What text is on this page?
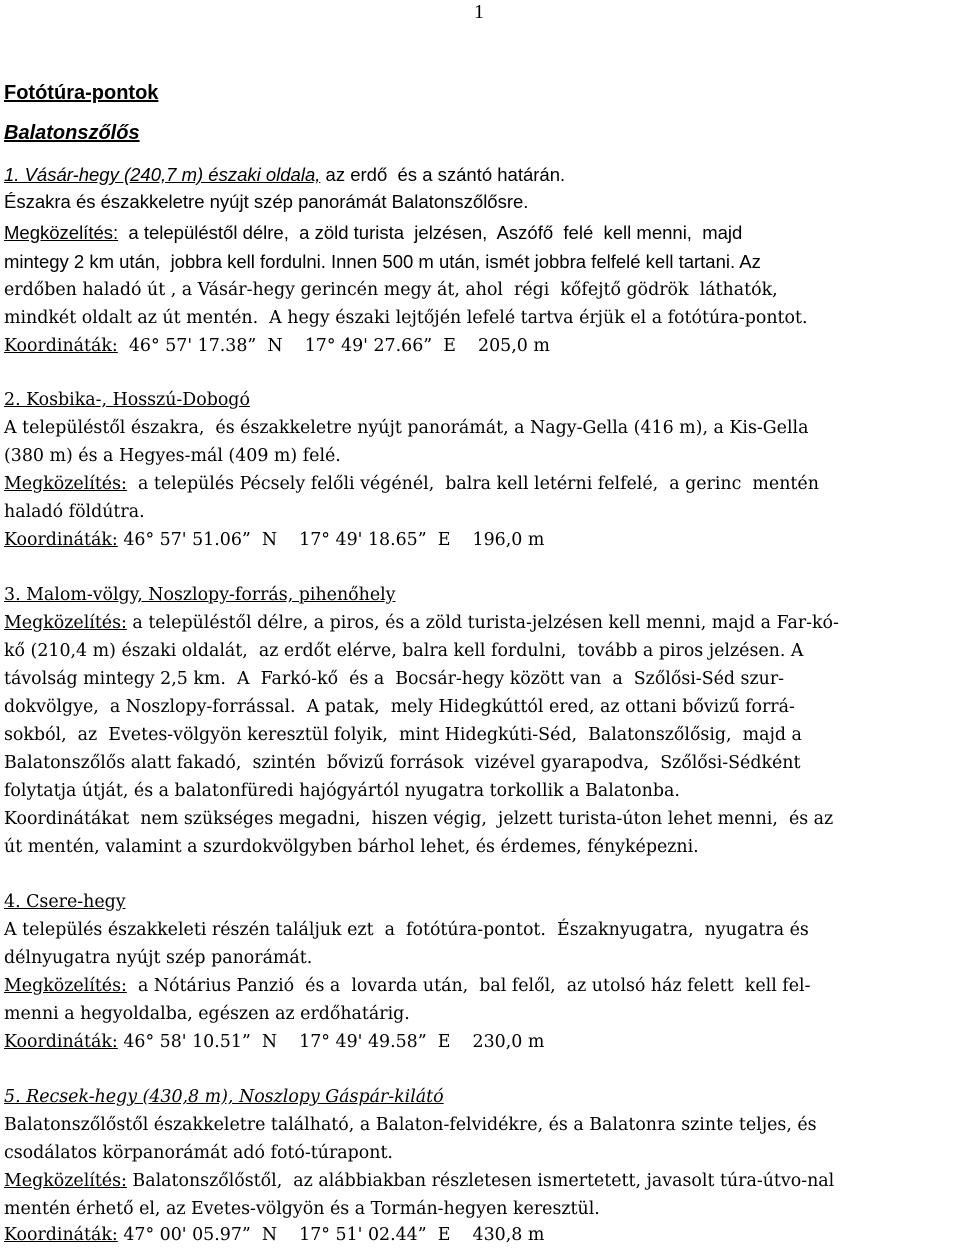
1
Fotótúra-pontok
Balatonszőlős
1. Vásár-hegy (240,7 m) északi oldala, az erdő  és a szántó határán.
Északra és északkeletre nyújt szép panorámát Balatonszőlősre.
Megközelítés:  a településtől délre,  a zöld turista  jelzésen,  Aszófő  felé  kell menni,  majd
mintegy 2 km után,  jobbra kell fordulni. Innen 500 m után, ismét jobbra felfelé kell tartani. Az
erdőben haladó út , a Vásár-hegy gerincén megy át, ahol  régi  kőfejtő gödrök  láthatók,
mindkét oldalt az út mentén.  A hegy északi lejtőjén lefelé tartva érjük el a fotótúra-pontot.
Koordináták:  46° 57' 17.38”  N    17° 49' 27.66”  E    205,0 m
2. Kosbika-, Hosszú-Dobogó
A településtől északra,  és északkeletre nyújt panorámát, a Nagy-Gella (416 m), a Kis-Gella
(380 m) és a Hegyes-mál (409 m) felé.
Megközelítés:  a település Pécsely felőli végénél,  balra kell letérni felfelé,  a gerinc  mentén
haladó földútra.
Koordináták: 46° 57' 51.06”  N    17° 49' 18.65”  E    196,0 m
3. Malom-völgy, Noszlopy-forrás, pihenőhely
Megközelítés: a településtől délre, a piros, és a zöld turista-jelzésen kell menni, majd a Far-kó-
kő (210,4 m) északi oldalát,  az erdőt elérve, balra kell fordulni,  tovább a piros jelzésen. A
távolság mintegy 2,5 km.  A  Farkó-kő  és a  Bocsár-hegy között van  a  Szőlősi-Séd szur-
dokvölgye,  a Noszlopy-forrással.  A patak,  mely Hidegkúttól ered, az ottani bővizű forrá-
sokból,  az  Evetes-völgyön keresztül folyik,  mint Hidegkúti-Séd,  Balatonszőlősig,  majd a
Balatonszőlős alatt fakadó,  szintén  bővizű források  vizével gyarapodva,  Szőlősi-Sédként
folytatja útját, és a balatonfüredi hajógyártól nyugatra torkollik a Balatonba.
Koordinátákat  nem szükséges megadni,  hiszen végig,  jelzett turista-úton lehet menni,  és az
út mentén, valamint a szurdokvölgyben bárhol lehet, és érdemes, fényképezni.
4. Csere-hegy
A település északkeleti részén találjuk ezt  a  fotótúra-pontot.  Északnyugatra,  nyugatra és
délnyugatra nyújt szép panorámát.
Megközelítés:  a Nótárius Panzió  és a  lovarda után,  bal felől,  az utolsó ház felett  kell fel-
menni a hegyoldalba, egészen az erdőhatárig.
Koordináták: 46° 58' 10.51”  N    17° 49' 49.58”  E    230,0 m
5. Recsek-hegy (430,8 m), Noszlopy Gáspár-kilátó
Balatonszőlőstől északkeletre található, a Balaton-felvidékre, és a Balatonra szinte teljes, és
csodálatos körpanorámát adó fotó-túrapont.
Megközelítés: Balatonszőlőstől,  az alábbiakban részletesen ismertetett, javasolt túra-útvo-nal
mentén érhető el, az Evetes-völgyön és a Tormán-hegyen keresztül.
Koordináták: 47° 00' 05.97”  N    17° 51' 02.44”  E    430,8 m
